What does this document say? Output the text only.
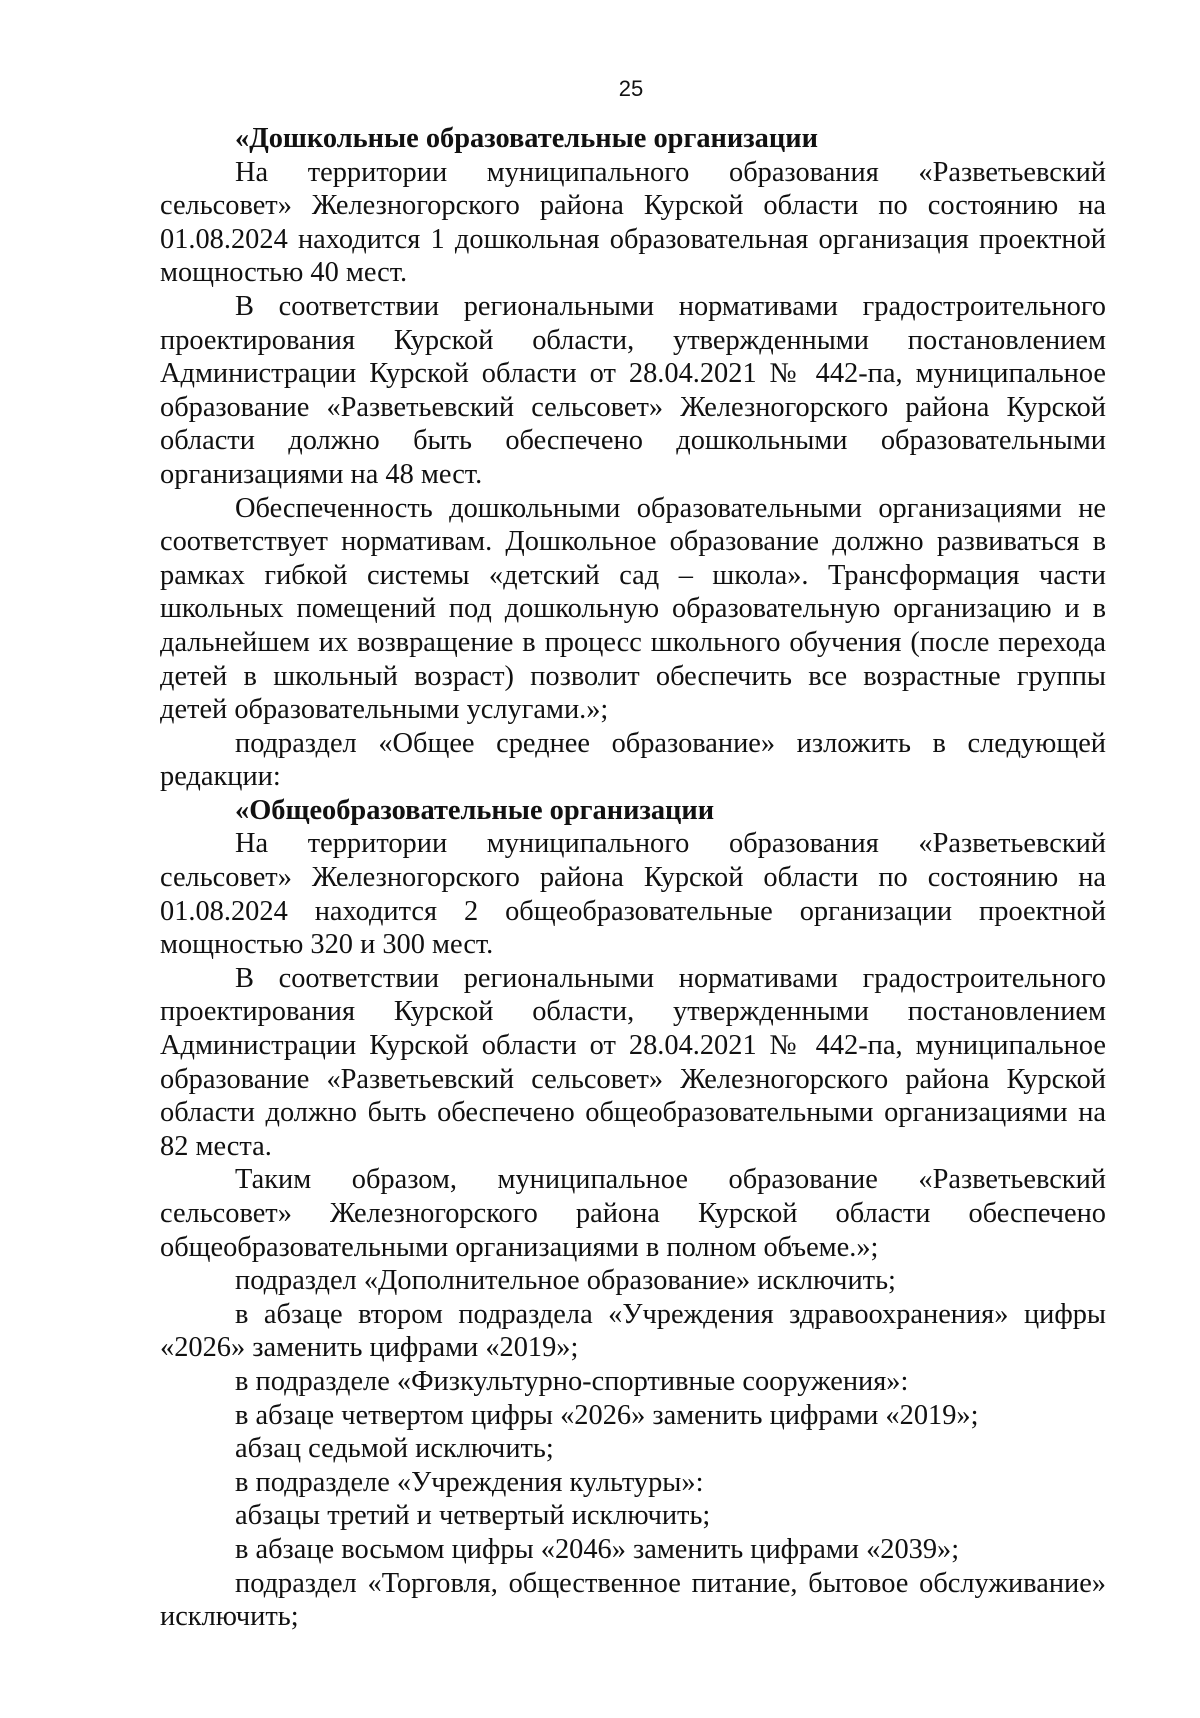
25

«Дошкольные образовательные организации

На территории муниципального образования «Разветьевский сельсовет» Железногорского района Курской области по состоянию на 01.08.2024 находится 1 дошкольная образовательная организация проектной мощностью 40 мест.

В соответствии региональными нормативами градостроительного проектирования Курской области, утвержденными постановлением Администрации Курской области от 28.04.2021 № 442-па, муниципальное образование «Разветьевский сельсовет» Железногорского района Курской области должно быть обеспечено дошкольными образовательными организациями на 48 мест.

Обеспеченность дошкольными образовательными организациями не соответствует нормативам. Дошкольное образование должно развиваться в рамках гибкой системы «детский сад – школа». Трансформация части школьных помещений под дошкольную образовательную организацию и в дальнейшем их возвращение в процесс школьного обучения (после перехода детей в школьный возраст) позволит обеспечить все возрастные группы детей образовательными услугами.»;

подраздел «Общее среднее образование» изложить в следующей редакции:

«Общеобразовательные организации

На территории муниципального образования «Разветьевский сельсовет» Железногорского района Курской области по состоянию на 01.08.2024 находится 2 общеобразовательные организации проектной мощностью 320 и 300 мест.

В соответствии региональными нормативами градостроительного проектирования Курской области, утвержденными постановлением Администрации Курской области от 28.04.2021 № 442-па, муниципальное образование «Разветьевский сельсовет» Железногорского района Курской области должно быть обеспечено общеобразовательными организациями на 82 места.

Таким образом, муниципальное образование «Разветьевский сельсовет» Железногорского района Курской области обеспечено общеобразовательными организациями в полном объеме.»;

подраздел «Дополнительное образование» исключить;

в абзаце втором подраздела «Учреждения здравоохранения» цифры «2026» заменить цифрами «2019»;

в подразделе «Физкультурно-спортивные сооружения»:

в абзаце четвертом цифры «2026» заменить цифрами «2019»;

абзац седьмой исключить;

в подразделе «Учреждения культуры»:

абзацы третий и четвертый исключить;

в абзаце восьмом цифры «2046» заменить цифрами «2039»;

подраздел «Торговля, общественное питание, бытовое обслуживание» исключить;
